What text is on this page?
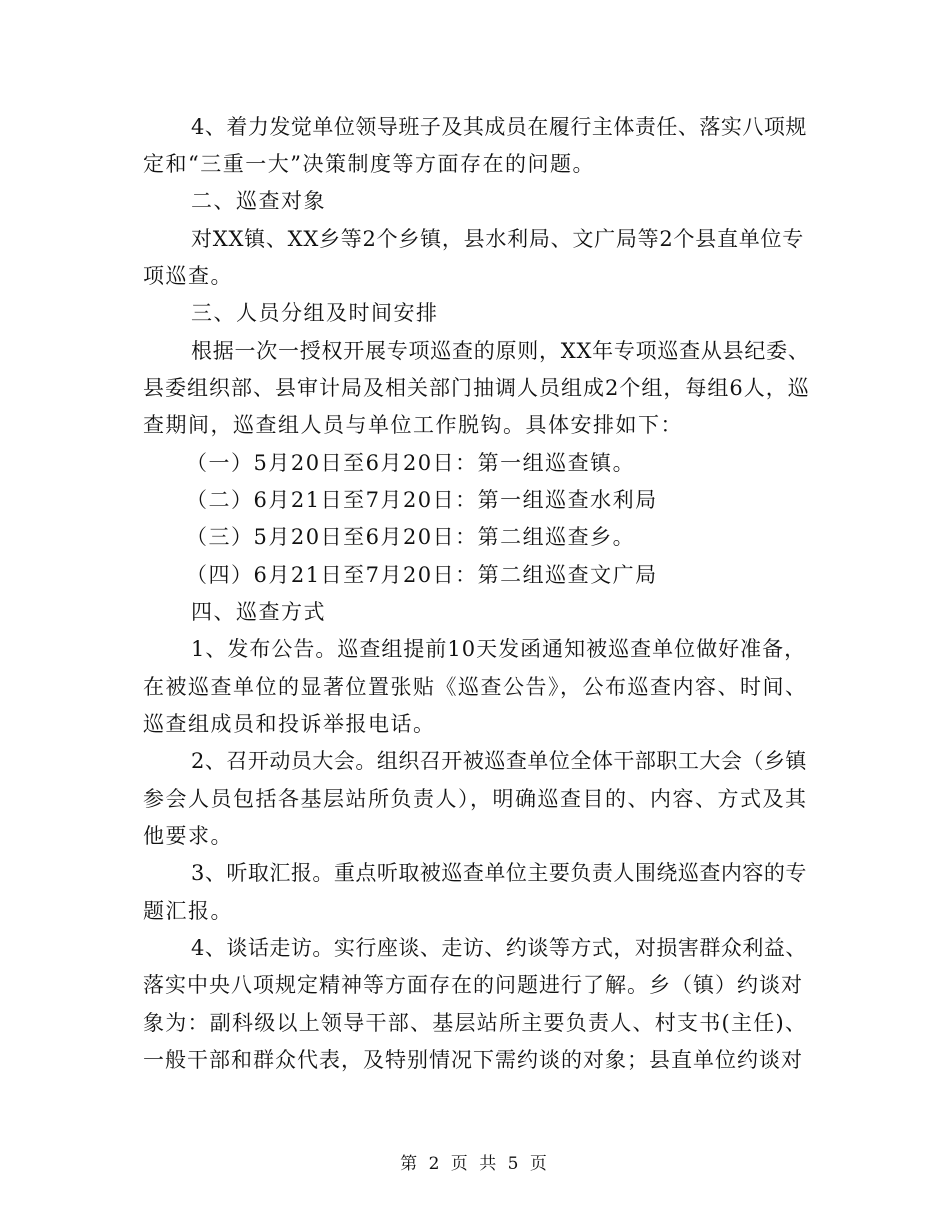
4、着力发觉单位领导班子及其成员在履行主体责任、落实八项规
定和“三重一大”决策制度等方面存在的问题。
二、巡查对象
对XX镇、XX乡等2个乡镇，县水利局、文广局等2个县直单位专
项巡查。
三、人员分组及时间安排
根据一次一授权开展专项巡查的原则，XX年专项巡查从县纪委、
县委组织部、县审计局及相关部门抽调人员组成2个组，每组6人，巡
查期间，巡查组人员与单位工作脱钩。具体安排如下：
（一）5月20日至6月20日：第一组巡查镇。
（二）6月21日至7月20日：第一组巡查水利局
（三）5月20日至6月20日：第二组巡查乡。
（四）6月21日至7月20日：第二组巡查文广局
四、巡查方式
1、发布公告。巡查组提前10天发函通知被巡查单位做好准备，
在被巡查单位的显著位置张贴《巡查公告》，公布巡查内容、时间、
巡查组成员和投诉举报电话。
2、召开动员大会。组织召开被巡查单位全体干部职工大会（乡镇
参会人员包括各基层站所负责人），明确巡查目的、内容、方式及其
他要求。
3、听取汇报。重点听取被巡查单位主要负责人围绕巡查内容的专
题汇报。
4、谈话走访。实行座谈、走访、约谈等方式，对损害群众利益、
落实中央八项规定精神等方面存在的问题进行了解。乡（镇）约谈对
象为：副科级以上领导干部、基层站所主要负责人、村支书(主任)、
一般干部和群众代表，及特别情况下需约谈的对象；县直单位约谈对
第 2 页 共 5 页
